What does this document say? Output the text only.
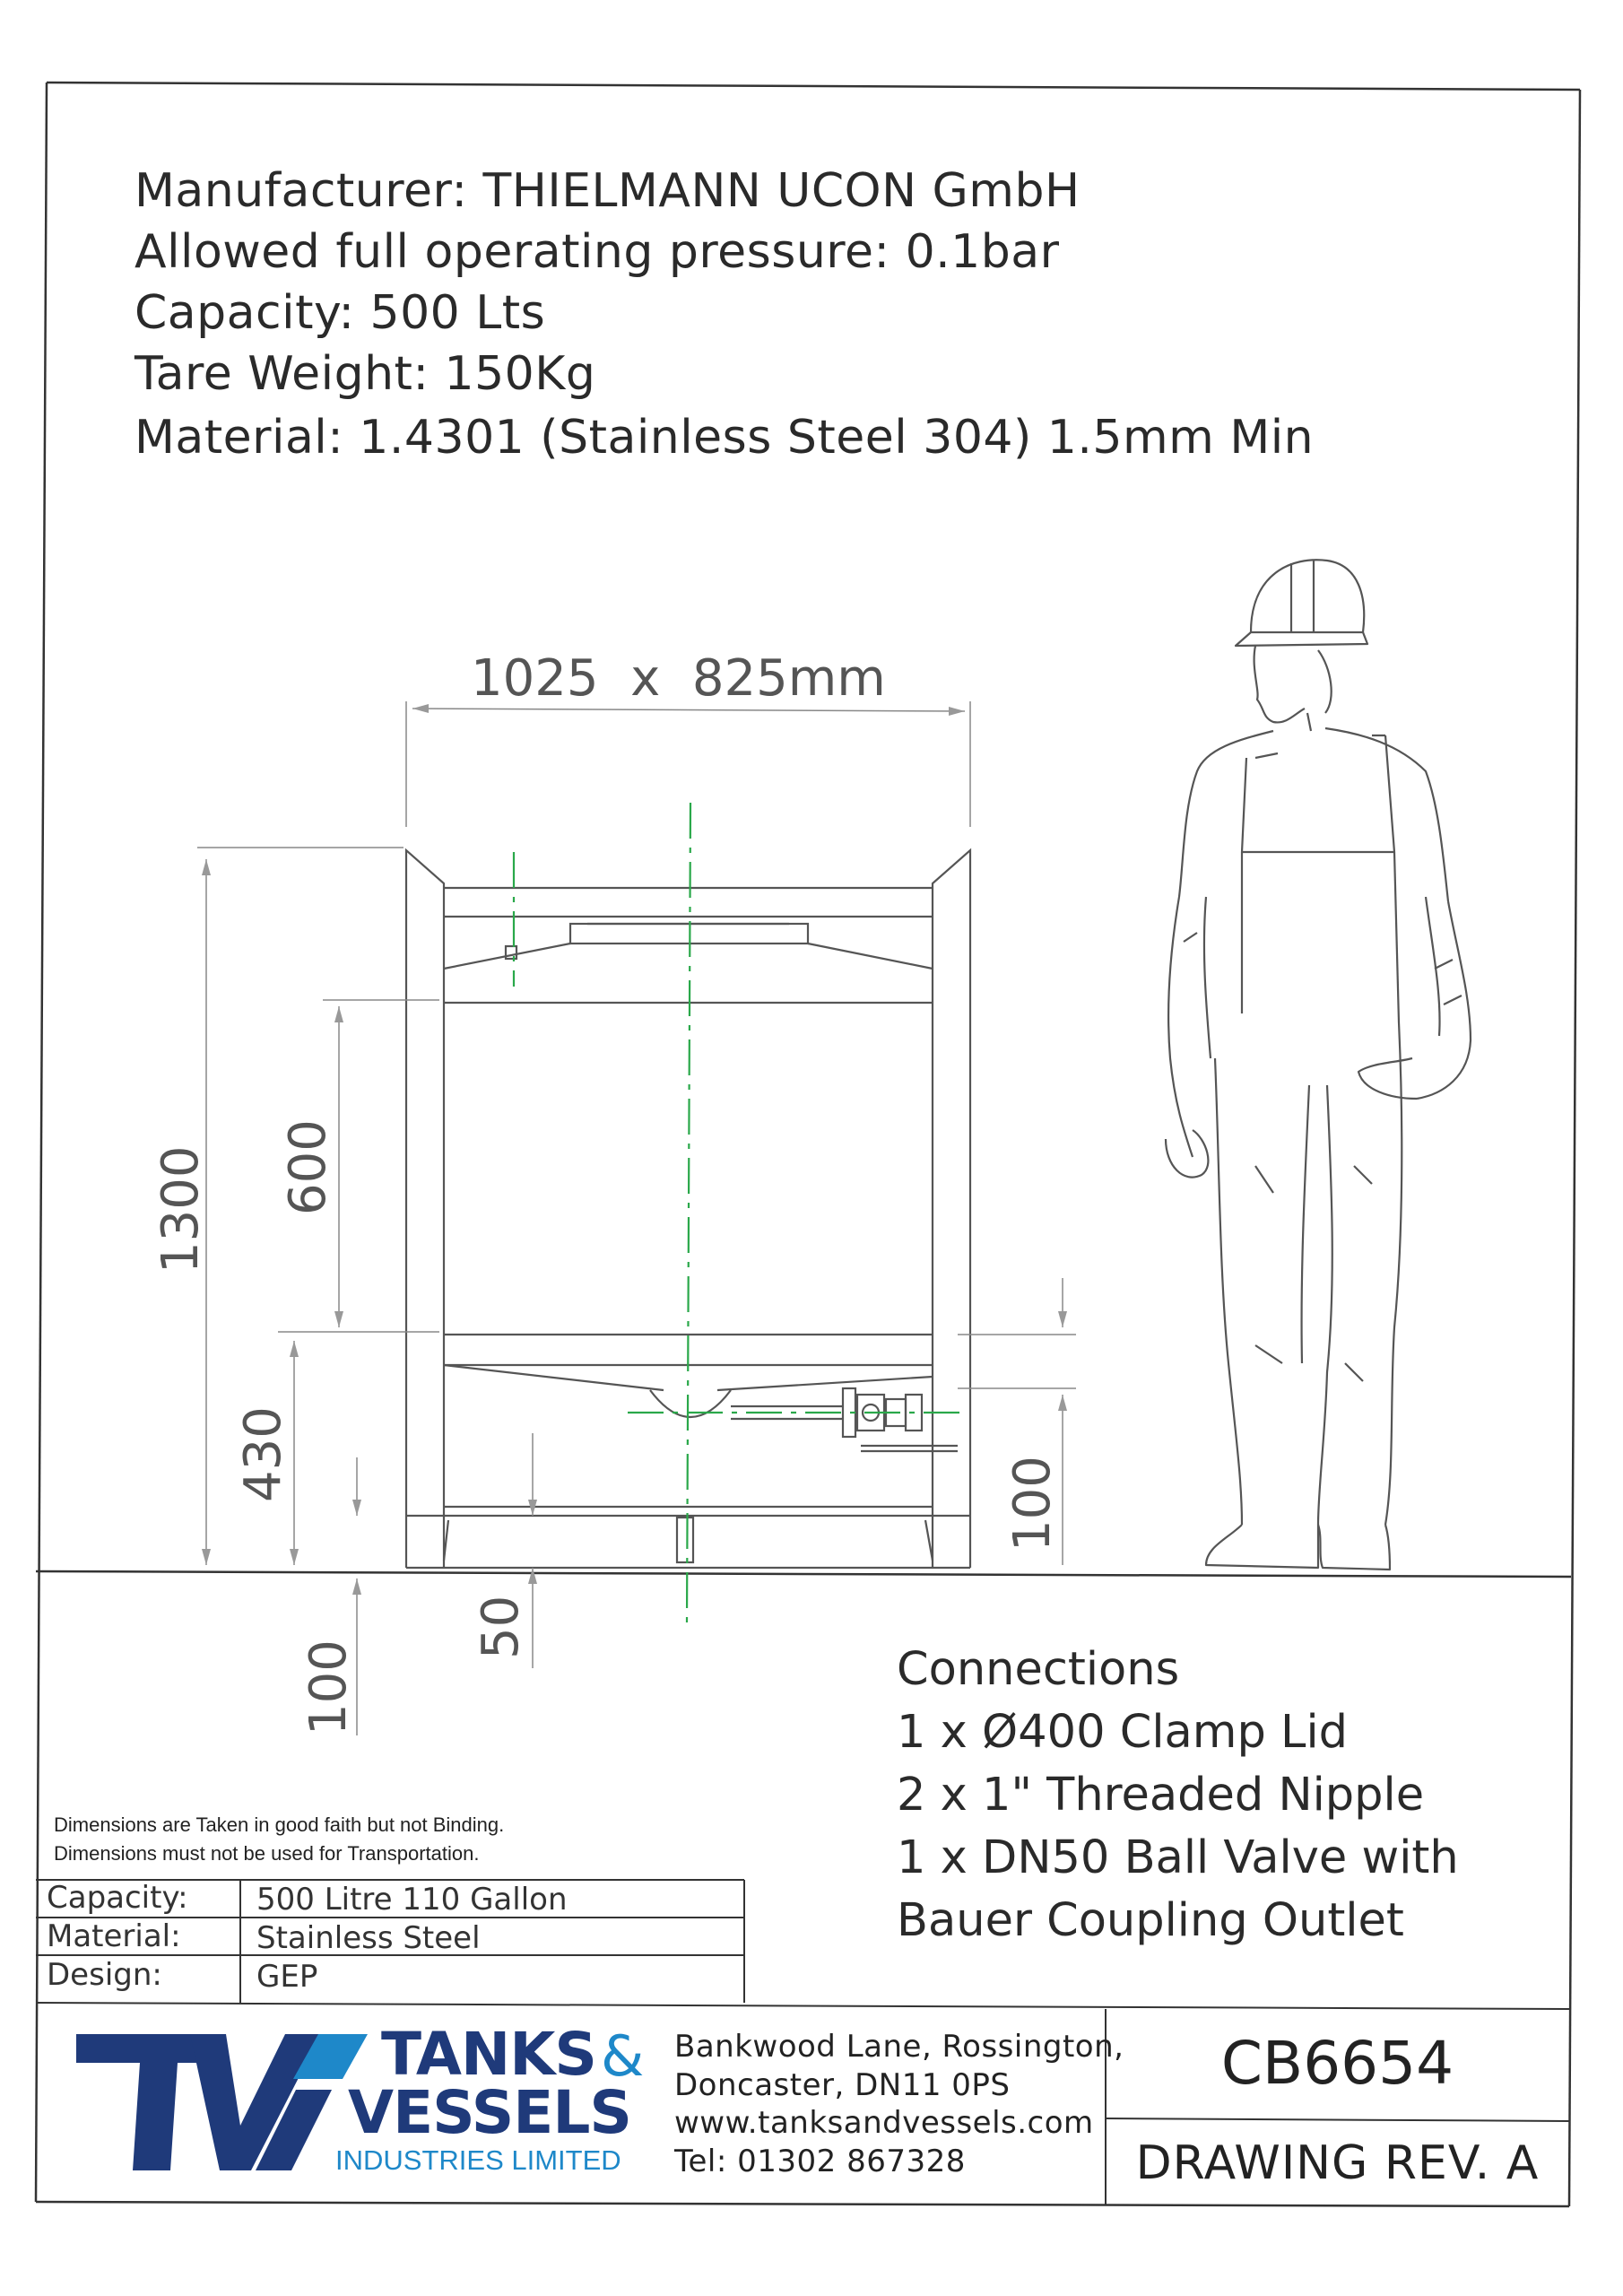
1025  x  825mm
1300 600
430
100
50
100
Manufacturer: THIELMANN UCON GmbH
Allowed full operating pressure: 0.1bar
Capacity: 500 Lts
Tare Weight: 150Kg
Material: 1.4301 (Stainless Steel 304) 1.5mm Min
Connections
1 x Ø400 Clamp Lid
2 x 1" Threaded Nipple
1 x DN50 Ball Valve with
Bauer Coupling Outlet
Dimensions are Taken in good faith but not Binding.
Dimensions must not be used for Transportation.
Capacity: 500 Litre 110 Gallon
Material: Stainless Steel
Design:	GEP
TANKS &
VESSELS
INDUSTRIES LIMITED
Bankwood Lane, Rossington,
Doncaster, DN11 0PS
www.tanksandvessels.com
Tel: 01302 867328
CB6654
DRAWING REV. A
